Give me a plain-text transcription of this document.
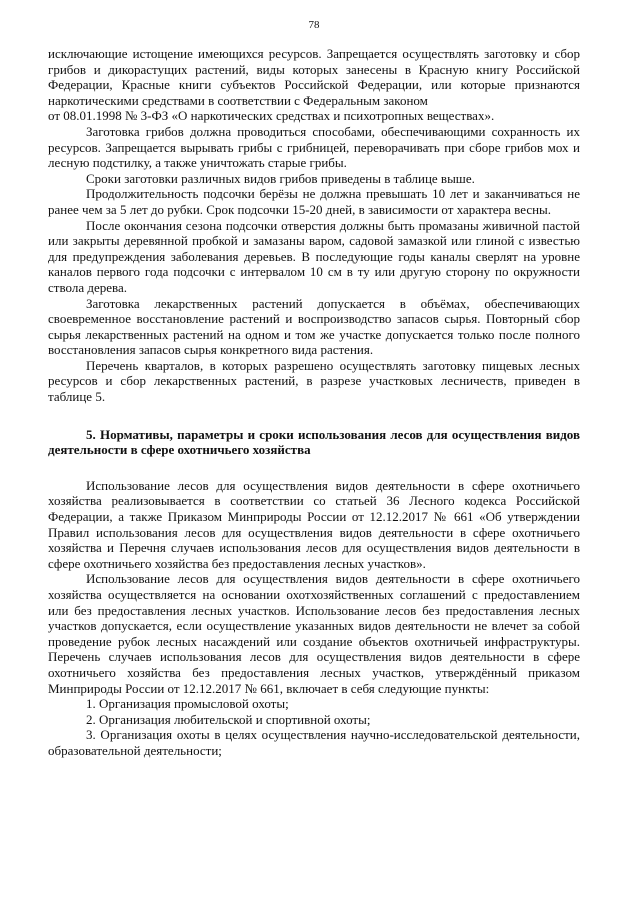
78

исключающие истощение имеющихся ресурсов. Запрещается осуществлять заготовку и сбор грибов и дикорастущих растений, виды которых занесены в Красную книгу Российской Федерации, Красные книги субъектов Российской Федерации, или которые признаются наркотическими средствами в соответствии с Федеральным законом

от 08.01.1998 № 3-ФЗ «О наркотических средствах и психотропных веществах».

Заготовка грибов должна проводиться способами, обеспечивающими сохранность их ресурсов. Запрещается вырывать грибы с грибницей, переворачивать при сборе грибов мох и лесную подстилку, а также уничтожать старые грибы.

Сроки заготовки различных видов грибов приведены в таблице выше.

Продолжительность подсочки берёзы не должна превышать 10 лет и заканчиваться не ранее чем за 5 лет до рубки. Срок подсочки 15-20 дней, в зависимости от характера весны.

После окончания сезона подсочки отверстия должны быть промазаны живичной пастой или закрыты деревянной пробкой и замазаны варом, садовой замазкой или глиной с известью для предупреждения заболевания деревьев. В последующие годы каналы сверлят на уровне каналов первого года подсочки с интервалом 10 см в ту или другую сторону по окружности ствола дерева.

Заготовка лекарственных растений допускается в объёмах, обеспечивающих своевременное восстановление растений и воспроизводство запасов сырья. Повторный сбор сырья лекарственных растений на одном и том же участке допускается только после полного восстановления запасов сырья конкретного вида растения.

Перечень кварталов, в которых разрешено осуществлять заготовку пищевых лесных ресурсов и сбор лекарственных растений, в разрезе участковых лесничеств, приведен в таблице 5.

5. Нормативы, параметры и сроки использования лесов для осуществления видов деятельности в сфере охотничьего хозяйства

Использование лесов для осуществления видов деятельности в сфере охотничьего хозяйства реализовывается в соответствии со статьей 36 Лесного кодекса Российской Федерации, а также Приказом Минприроды России от 12.12.2017 № 661 «Об утверждении Правил использования лесов для осуществления видов деятельности в сфере охотничьего хозяйства и Перечня случаев использования лесов для осуществления видов деятельности в сфере охотничьего хозяйства без предоставления лесных участков».

Использование лесов для осуществления видов деятельности в сфере охотничьего хозяйства осуществляется на основании охотхозяйственных соглашений с предоставлением или без предоставления лесных участков. Использование лесов без предоставления лесных участков допускается, если осуществление указанных видов деятельности не влечет за собой проведение рубок лесных насаждений или создание объектов охотничьей инфраструктуры. Перечень случаев использования лесов для осуществления видов деятельности в сфере охотничьего хозяйства без предоставления лесных участков, утверждённый приказом Минприроды России от 12.12.2017 № 661, включает в себя следующие пункты:

1. Организация промысловой охоты;

2. Организация любительской и спортивной охоты;

3. Организация охоты в целях осуществления научно-исследовательской деятельности, образовательной деятельности;
